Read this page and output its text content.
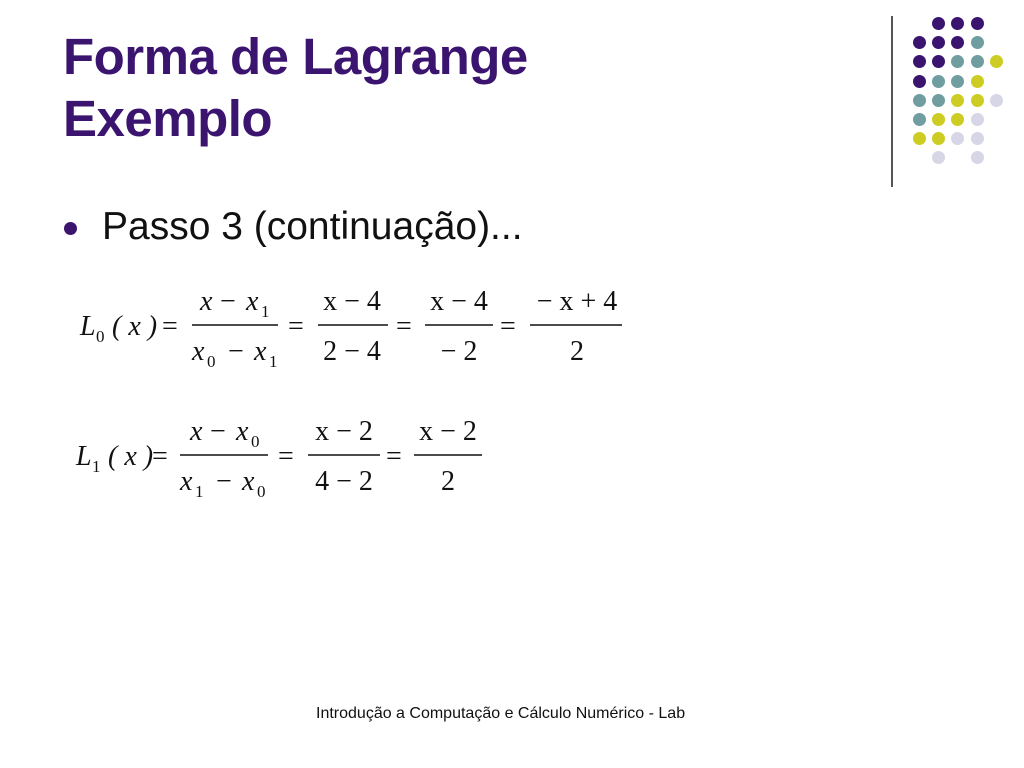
Forma de Lagrange
Exemplo
Passo 3 (continuação)...
L 0 ( x ) =
x − x 1
x 0 − x 1
=
x − 4
2 − 4
=
x − 4
− 2
=
− x + 4
2
L 1 ( x )
=
x − x 0
x 1 − x 0
=
x − 2
4 − 2
=
x − 2
2
Introdução a Computação e Cálculo Numérico - Lab
